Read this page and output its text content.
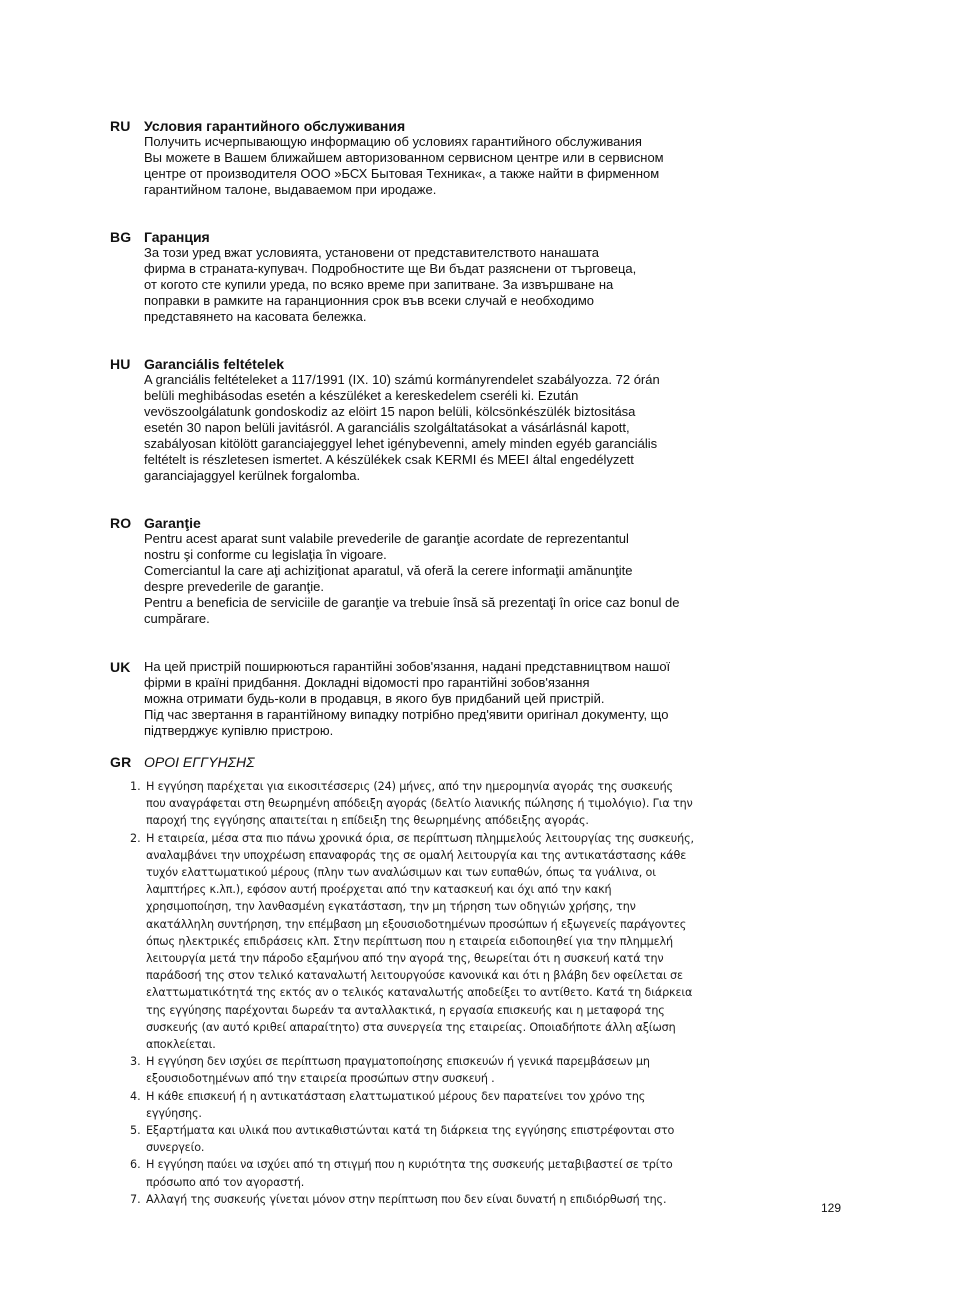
RU Условия гарантийного обслуживания

Получить исчерпывающую информацию об условиях гарантийного обслуживания
Вы можете в Вашем ближайшем авторизованном сервисном центре или в сервисном
центре от производителя ООО »БСХ Бытовая Техника«, а также найти в фирменном
гарантийном талоне, выдаваемом при иродаже.

BG Гаранция

За този уред вжат условията, установени от представителството нанашата
фирма в страната-купувач. Подробностите ще Ви бъдат разяснени от търговеца,
от когото сте купили уреда, по всяко време при запитване. За извършване на
поправки в рамките на гаранционния срок във всеки случай е необходимо
представянето на касовата бележка.

HU Garanciális feltételek

A granciális feltételeket a 117/1991 (IX. 10) számú kormányrendelet szabályozza. 72 órán
belüli meghibásodas esetén a készüléket a kereskedelem cseréli ki. Ezután
vevöszoolgálatunk gondoskodiz az elöirt 15 napon belüli, kölcsönkészülék biztositása
esetén 30 napon belüli javitásról. A garanciális szolgáltatásokat a vásárlásnál kapott,
szabályosan kitölött garanciajeggyel lehet igénybevenni, amely minden egyéb garanciális
feltételt is részletesen ismertet. A készülékek csak KERMI és MEEI által engedélyzett
garanciajaggyel kerülnek forgalomba.

RO Garanţie

Pentru acest aparat sunt valabile prevederile de garanţie acordate de reprezentantul
nostru şi conforme cu legislaţia în vigoare.
Comerciantul la care aţi achiziţionat aparatul, vă oferă la cerere informaţii amănunţite
despre prevederile de garanţie.
Pentru a beneficia de serviciile de garanţie va trebuie însă să prezentaţi în orice caz bonul de
cumpărare.

UK На цей пристрій поширюються гарантійні зобов'язання, надані представництвом нашої
фірми в країні придбання. Докладні відомості про гарантійні зобов'язання
можна отримати будь-коли в продавця, в якого був придбаний цей пристрій.
Під час звертання в гарантійному випадку потрібно пред'явити оригінал документу, що
підтверджує купівлю пристрою.

GR ΟΡΟΙ ΕΓΓΥΗΣΗΣ

1. Η εγγύηση παρέχεται για εικοσιτέσσερις (24) μήνες, από την ημερομηνία αγοράς της συσκευής
που αναγράφεται στη θεωρημένη απόδειξη αγοράς (δελτίο λιανικής πώλησης ή τιμολόγιο). Για την
παροχή της εγγύησης απαιτείται η επίδειξη της θεωρημένης απόδειξης αγοράς.
2. Η εταιρεία, μέσα στα πιο πάνω χρονικά όρια, σε περίπτωση πλημμελούς λειτουργίας της συσκευής,
αναλαμβάνει την υποχρέωση επαναφοράς της σε ομαλή λειτουργία και της αντικατάστασης κάθε
τυχόν ελαττωματικού μέρους (πλην των αναλώσιμων και των ευπαθών, όπως τα γυάλινα, οι
λαμπτήρες κ.λπ.), εφόσον αυτή προέρχεται από την κατασκευή και όχι από την κακή
χρησιμοποίηση, την λανθασμένη εγκατάσταση, την μη τήρηση των οδηγιών χρήσης, την
ακατάλληλη συντήρηση, την επέμβαση μη εξουσιοδοτημένων προσώπων ή εξωγενείς παράγοντες
όπως ηλεκτρικές επιδράσεις κλπ. Στην περίπτωση που η εταιρεία ειδοποιηθεί για την πλημμελή
λειτουργία μετά την πάροδο εξαμήνου από την αγορά της, θεωρείται ότι η συσκευή κατά την
παράδοσή της στον τελικό καταναλωτή λειτουργούσε κανονικά και ότι η βλάβη δεν οφείλεται σε
ελαττωματικότητά της εκτός αν ο τελικός καταναλωτής αποδείξει το αντίθετο. Κατά τη διάρκεια
της εγγύησης παρέχονται δωρεάν τα ανταλλακτικά, η εργασία επισκευής και η μεταφορά της
συσκευής (αν αυτό κριθεί απαραίτητο) στα συνεργεία της εταιρείας. Οποιαδήποτε άλλη αξίωση
αποκλείεται.
3. Η εγγύηση δεν ισχύει σε περίπτωση πραγματοποίησης επισκευών ή γενικά παρεμβάσεων μη
εξουσιοδοτημένων από την εταιρεία προσώπων στην συσκευή .
4. Η κάθε επισκευή ή η αντικατάσταση ελαττωματικού μέρους δεν παρατείνει τον χρόνο της
εγγύησης.
5. Εξαρτήματα και υλικά που αντικαθιστώνται κατά τη διάρκεια της εγγύησης επιστρέφονται στο
συνεργείο.
6. Η εγγύηση παύει να ισχύει από τη στιγμή που η κυριότητα της συσκευής μεταβιβαστεί σε τρίτο
πρόσωπο από τον αγοραστή.
7. Αλλαγή της συσκευής γίνεται μόνον στην περίπτωση που δεν είναι δυνατή η επιδιόρθωσή της.
129
